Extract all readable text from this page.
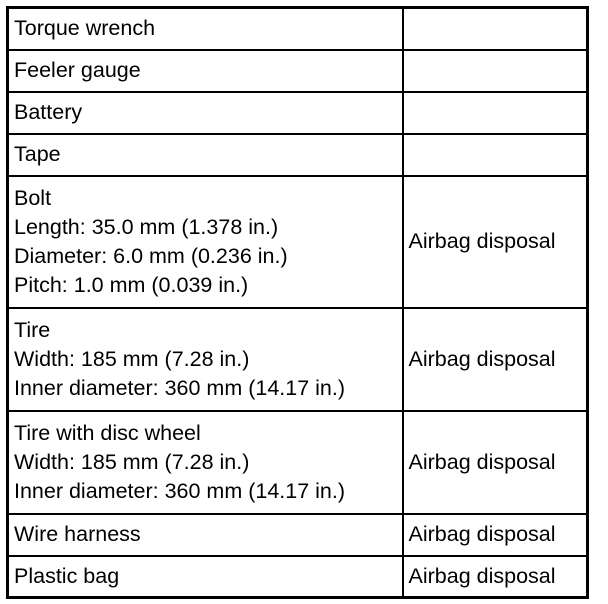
Torque wrench	

Feeler gauge	

Battery	

Tape	

Bolt
Length: 35.0 mm (1.378 in.)
Diameter: 6.0 mm (0.236 in.)
Pitch: 1.0 mm (0.039 in.)	Airbag disposal

Tire
Width: 185 mm (7.28 in.)
Inner diameter: 360 mm (14.17 in.)	Airbag disposal

Tire with disc wheel
Width: 185 mm (7.28 in.)
Inner diameter: 360 mm (14.17 in.)	Airbag disposal

Wire harness	Airbag disposal

Plastic bag	Airbag disposal
